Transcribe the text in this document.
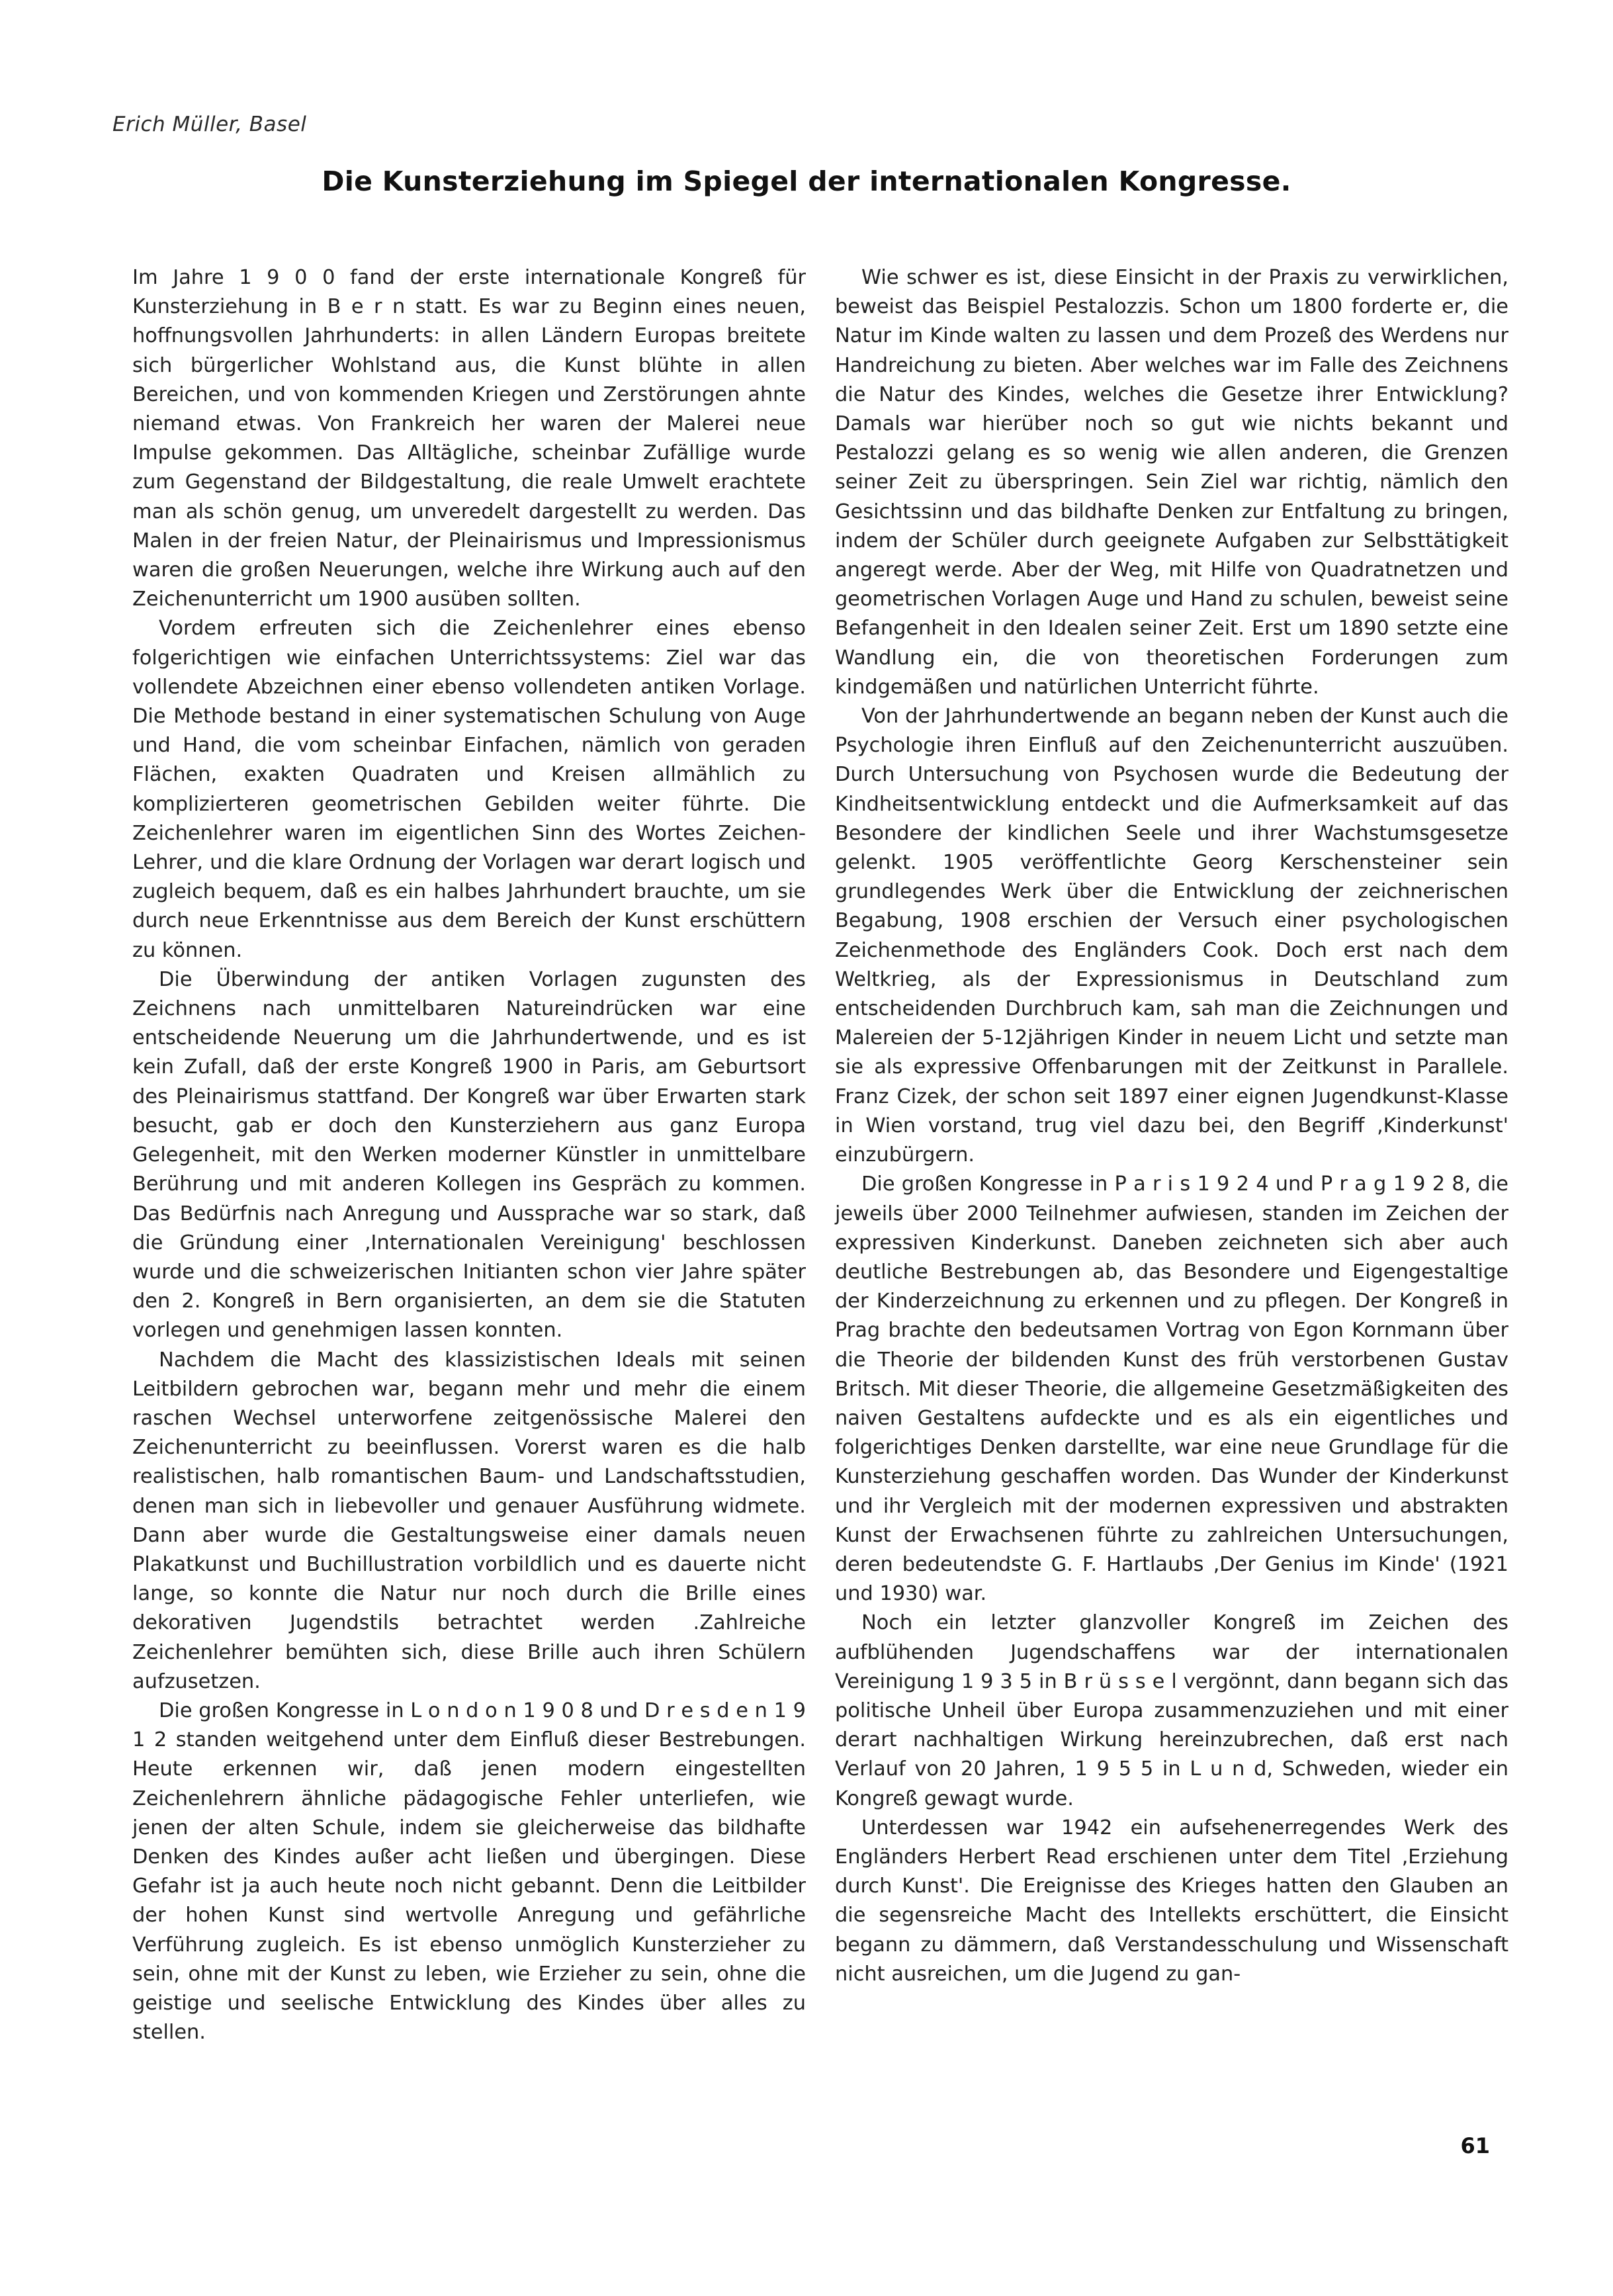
Erich Müller, Basel
Die Kunsterziehung im Spiegel der internationalen Kongresse.

Im Jahre 1 9 0 0 fand der erste internationale Kongreß für Kunsterziehung in B e r n statt. Es war zu Beginn eines neuen, hoffnungsvollen Jahrhunderts: in allen Ländern Europas breitete sich bürgerlicher Wohlstand aus, die Kunst blühte in allen Bereichen, und von kommenden Kriegen und Zerstörungen ahnte niemand etwas. Von Frankreich her waren der Malerei neue Impulse gekommen. Das Alltägliche, scheinbar Zufällige wurde zum Gegenstand der Bildgestaltung, die reale Umwelt erachtete man als schön genug, um unveredelt dargestellt zu werden. Das Malen in der freien Natur, der Pleinairismus und Impressionismus waren die großen Neuerungen, welche ihre Wirkung auch auf den Zeichenunterricht um 1900 ausüben sollten.

Vordem erfreuten sich die Zeichenlehrer eines ebenso folgerichtigen wie einfachen Unterrichtssystems: Ziel war das vollendete Abzeichnen einer ebenso vollendeten antiken Vorlage. Die Methode bestand in einer systematischen Schulung von Auge und Hand, die vom scheinbar Einfachen, nämlich von geraden Flächen, exakten Quadraten und Kreisen allmählich zu komplizierteren geometrischen Gebilden weiter führte. Die Zeichenlehrer waren im eigentlichen Sinn des Wortes Zeichen-Lehrer, und die klare Ordnung der Vorlagen war derart logisch und zugleich bequem, daß es ein halbes Jahrhundert brauchte, um sie durch neue Erkenntnisse aus dem Bereich der Kunst erschüttern zu können.

Die Überwindung der antiken Vorlagen zugunsten des Zeichnens nach unmittelbaren Natureindrücken war eine entscheidende Neuerung um die Jahrhundertwende, und es ist kein Zufall, daß der erste Kongreß 1900 in Paris, am Geburtsort des Pleinairismus stattfand. Der Kongreß war über Erwarten stark besucht, gab er doch den Kunsterziehern aus ganz Europa Gelegenheit, mit den Werken moderner Künstler in unmittelbare Berührung und mit anderen Kollegen ins Gespräch zu kommen. Das Bedürfnis nach Anregung und Aussprache war so stark, daß die Gründung einer ‚Internationalen Vereinigung' beschlossen wurde und die schweizerischen Initianten schon vier Jahre später den 2. Kongreß in Bern organisierten, an dem sie die Statuten vorlegen und genehmigen lassen konnten.

Nachdem die Macht des klassizistischen Ideals mit seinen Leitbildern gebrochen war, begann mehr und mehr die einem raschen Wechsel unterworfene zeitgenössische Malerei den Zeichenunterricht zu beeinflussen. Vorerst waren es die halb realistischen, halb romantischen Baum- und Landschaftsstudien, denen man sich in liebevoller und genauer Ausführung widmete. Dann aber wurde die Gestaltungsweise einer damals neuen Plakatkunst und Buchillustration vorbildlich und es dauerte nicht lange, so konnte die Natur nur noch durch die Brille eines dekorativen Jugendstils betrachtet werden .Zahlreiche Zeichenlehrer bemühten sich, diese Brille auch ihren Schülern aufzusetzen.

Die großen Kongresse in L o n d o n 1 9 0 8 und D r e s d e n 1 9 1 2 standen weitgehend unter dem Einfluß dieser Bestrebungen. Heute erkennen wir, daß jenen modern eingestellten Zeichenlehrern ähnliche pädagogische Fehler unterliefen, wie jenen der alten Schule, indem sie gleicherweise das bildhafte Denken des Kindes außer acht ließen und übergingen. Diese Gefahr ist ja auch heute noch nicht gebannt. Denn die Leitbilder der hohen Kunst sind wertvolle Anregung und gefährliche Verführung zugleich. Es ist ebenso unmöglich Kunsterzieher zu sein, ohne mit der Kunst zu leben, wie Erzieher zu sein, ohne die geistige und seelische Entwicklung des Kindes über alles zu stellen.

Wie schwer es ist, diese Einsicht in der Praxis zu verwirklichen, beweist das Beispiel Pestalozzis. Schon um 1800 forderte er, die Natur im Kinde walten zu lassen und dem Prozeß des Werdens nur Handreichung zu bieten. Aber welches war im Falle des Zeichnens die Natur des Kindes, welches die Gesetze ihrer Entwicklung? Damals war hierüber noch so gut wie nichts bekannt und Pestalozzi gelang es so wenig wie allen anderen, die Grenzen seiner Zeit zu überspringen. Sein Ziel war richtig, nämlich den Gesichtssinn und das bildhafte Denken zur Entfaltung zu bringen, indem der Schüler durch geeignete Aufgaben zur Selbsttätigkeit angeregt werde. Aber der Weg, mit Hilfe von Quadratnetzen und geometrischen Vorlagen Auge und Hand zu schulen, beweist seine Befangenheit in den Idealen seiner Zeit. Erst um 1890 setzte eine Wandlung ein, die von theoretischen Forderungen zum kindgemäßen und natürlichen Unterricht führte.

Von der Jahrhundertwende an begann neben der Kunst auch die Psychologie ihren Einfluß auf den Zeichenunterricht auszuüben. Durch Untersuchung von Psychosen wurde die Bedeutung der Kindheitsentwicklung entdeckt und die Aufmerksamkeit auf das Besondere der kindlichen Seele und ihrer Wachstumsgesetze gelenkt. 1905 veröffentlichte Georg Kerschensteiner sein grundlegendes Werk über die Entwicklung der zeichnerischen Begabung, 1908 erschien der Versuch einer psychologischen Zeichenmethode des Engländers Cook. Doch erst nach dem Weltkrieg, als der Expressionismus in Deutschland zum entscheidenden Durchbruch kam, sah man die Zeichnungen und Malereien der 5-12jährigen Kinder in neuem Licht und setzte man sie als expressive Offenbarungen mit der Zeitkunst in Parallele. Franz Cizek, der schon seit 1897 einer eignen Jugendkunst-Klasse in Wien vorstand, trug viel dazu bei, den Begriff ‚Kinderkunst' einzubürgern.

Die großen Kongresse in P a r i s 1 9 2 4 und P r a g 1 9 2 8, die jeweils über 2000 Teilnehmer aufwiesen, standen im Zeichen der expressiven Kinderkunst. Daneben zeichneten sich aber auch deutliche Bestrebungen ab, das Besondere und Eigengestaltige der Kinderzeichnung zu erkennen und zu pflegen. Der Kongreß in Prag brachte den bedeutsamen Vortrag von Egon Kornmann über die Theorie der bildenden Kunst des früh verstorbenen Gustav Britsch. Mit dieser Theorie, die allgemeine Gesetzmäßigkeiten des naiven Gestaltens aufdeckte und es als ein eigentliches und folgerichtiges Denken darstellte, war eine neue Grundlage für die Kunsterziehung geschaffen worden. Das Wunder der Kinderkunst und ihr Vergleich mit der modernen expressiven und abstrakten Kunst der Erwachsenen führte zu zahlreichen Untersuchungen, deren bedeutendste G. F. Hartlaubs ‚Der Genius im Kinde' (1921 und 1930) war.

Noch ein letzter glanzvoller Kongreß im Zeichen des aufblühenden Jugendschaffens war der internationalen Vereinigung 1 9 3 5 in B r ü s s e l vergönnt, dann begann sich das politische Unheil über Europa zusammenzuziehen und mit einer derart nachhaltigen Wirkung hereinzubrechen, daß erst nach Verlauf von 20 Jahren, 1 9 5 5 in L u n d, Schweden, wieder ein Kongreß gewagt wurde.

Unterdessen war 1942 ein aufsehenerregendes Werk des Engländers Herbert Read erschienen unter dem Titel ‚Erziehung durch Kunst'. Die Ereignisse des Krieges hatten den Glauben an die segensreiche Macht des Intellekts erschüttert, die Einsicht begann zu dämmern, daß Verstandesschulung und Wissenschaft nicht ausreichen, um die Jugend zu gan-

61
